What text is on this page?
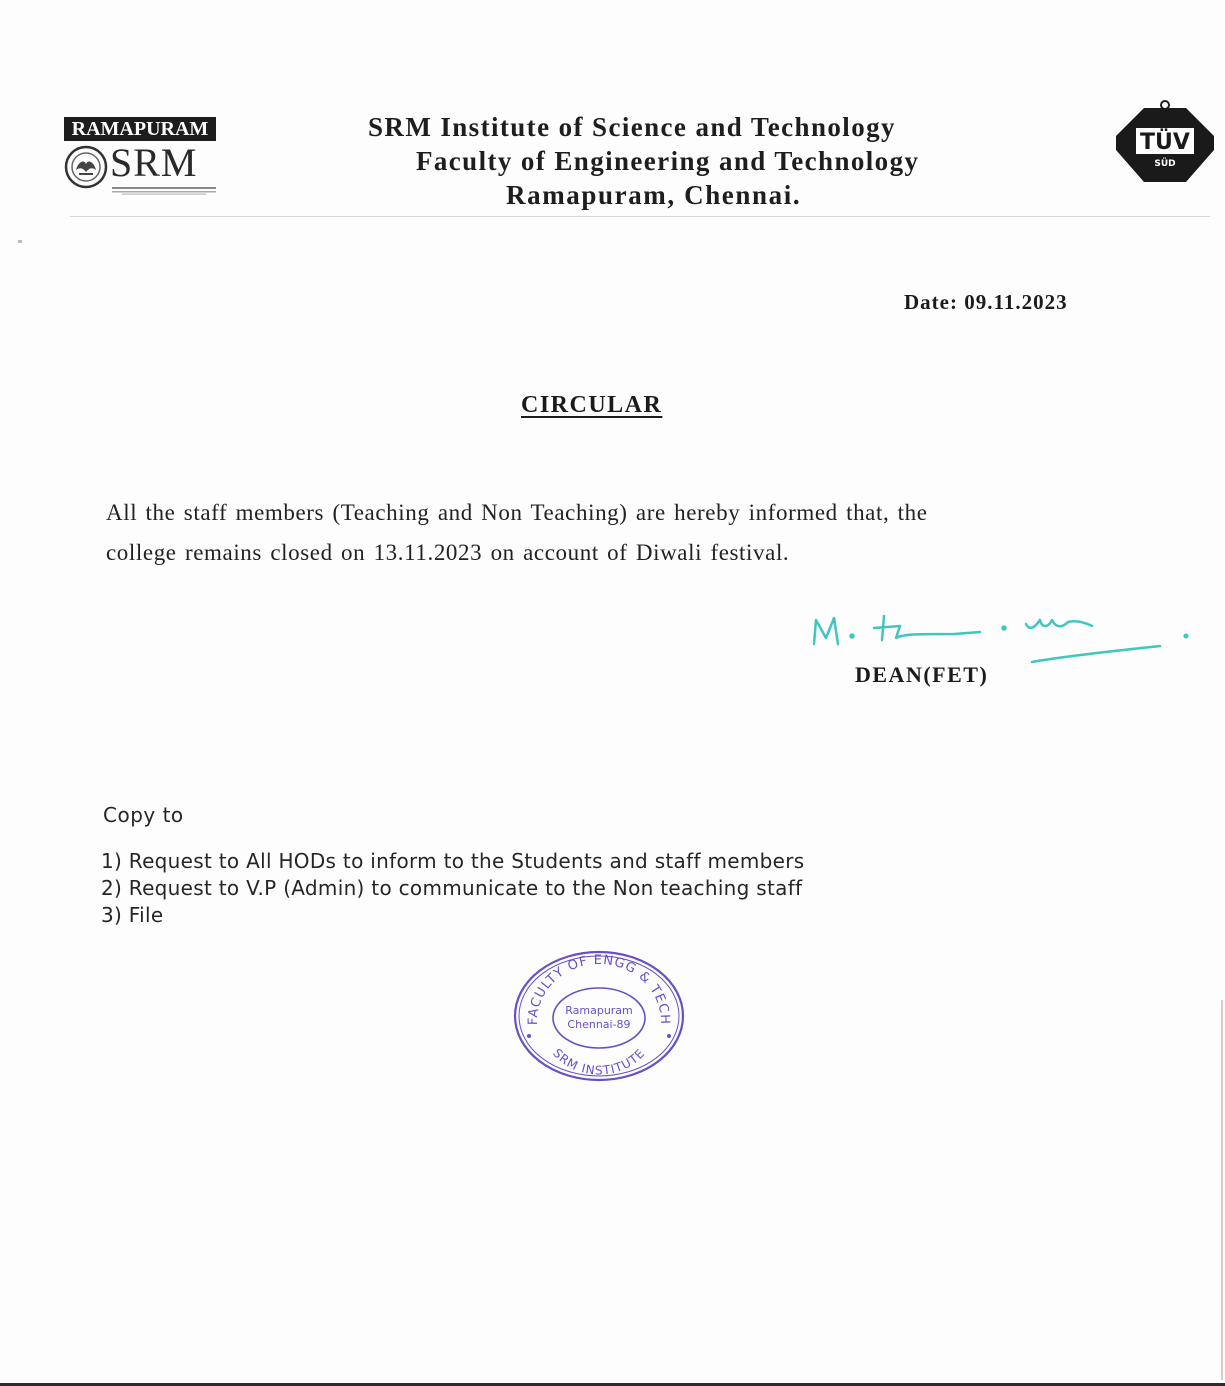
RAMAPURAM
SRM
SRM Institute of Science and Technology
Faculty of Engineering and Technology
Ramapuram, Chennai.
TÜV
SÜD
Date: 09.11.2023
CIRCULAR

All the staff members (Teaching and Non Teaching) are hereby informed that, the

college remains closed on 13.11.2023 on account of Diwali festival.

DEAN(FET)
Copy to
1) Request to All HODs to inform to the Students and staff members
2) Request to V.P (Admin) to communicate to the Non teaching staff
3) File
FACULTY OF ENGG & TECH
SRM INSTITUTE
Ramapuram
Chennai-89
